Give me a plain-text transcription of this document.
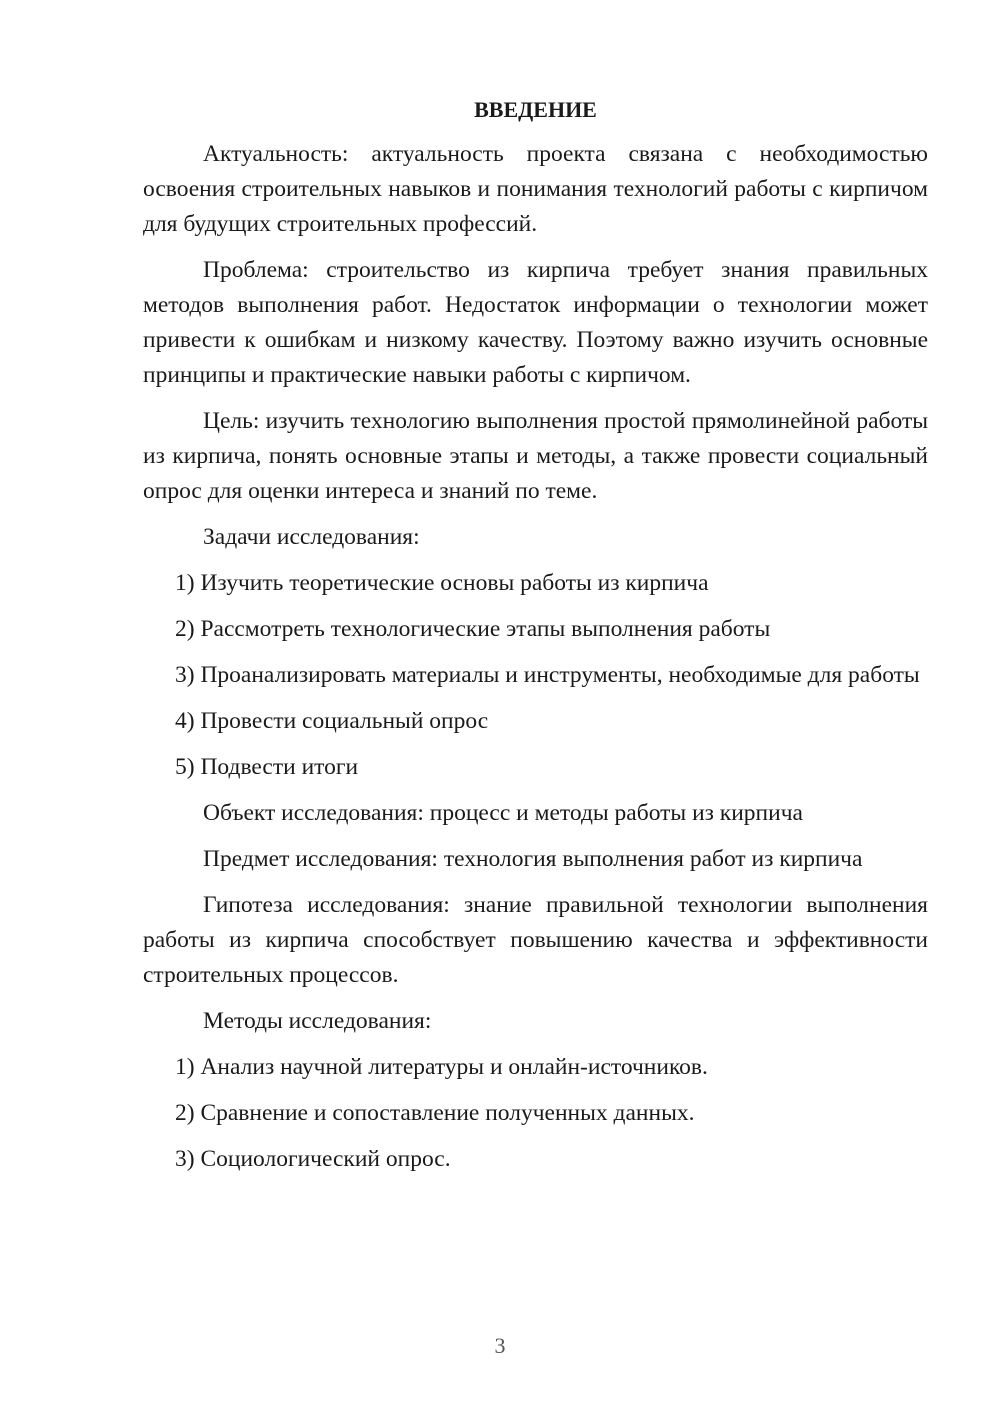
ВВЕДЕНИЕ

Актуальность: актуальность проекта связана с необходимостью освоения строительных навыков и понимания технологий работы с кирпичом для будущих строительных профессий.

Проблема: строительство из кирпича требует знания правильных методов выполнения работ. Недостаток информации о технологии может привести к ошибкам и низкому качеству. Поэтому важно изучить основные принципы и практические навыки работы с кирпичом.

Цель: изучить технологию выполнения простой прямолинейной работы из кирпича, понять основные этапы и методы, а также провести социальный опрос для оценки интереса и знаний по теме.

Задачи исследования:

1) Изучить теоретические основы работы из кирпича

2) Рассмотреть технологические этапы выполнения работы

3) Проанализировать материалы и инструменты, необходимые для работы

4) Провести социальный опрос

5) Подвести итоги

Объект исследования: процесс и методы работы из кирпича

Предмет исследования: технология выполнения работ из кирпича

Гипотеза исследования: знание правильной технологии выполнения работы из кирпича способствует повышению качества и эффективности строительных процессов.

Методы исследования:

1) Анализ научной литературы и онлайн-источников.

2) Сравнение и сопоставление полученных данных.

3) Социологический опрос.

3
